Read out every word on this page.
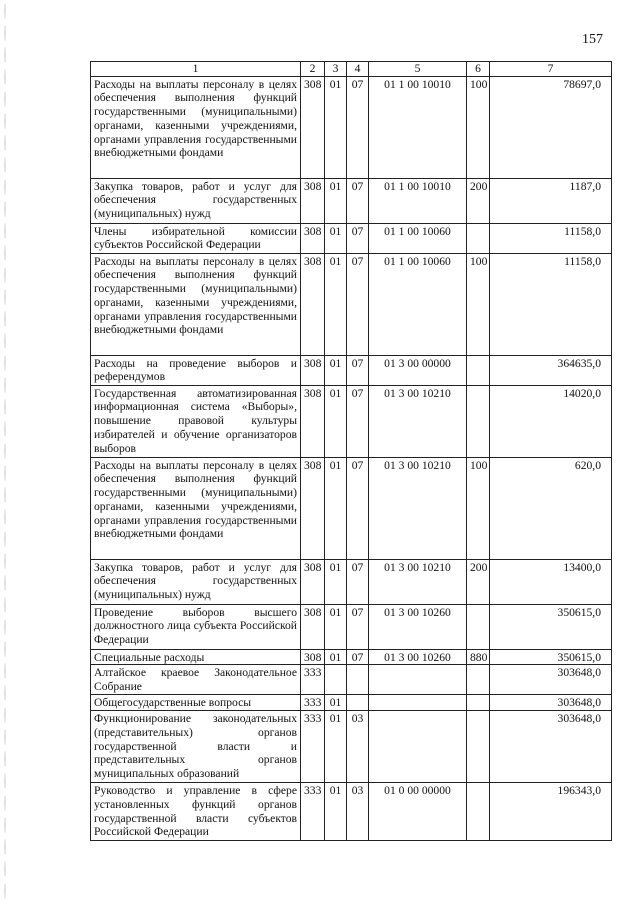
157
1	2	3	4	5	6	7
Расходы на выплаты персоналу в целях обеспечения выполнения функций государственными (муниципальными) органами, казенными учреждениями, органами управления государственными внебюджетными фондами	308	01	07	01 1 00 10010	100	78697,0
Закупка товаров, работ и услуг для обеспечения государственных (муниципальных) нужд	308	01	07	01 1 00 10010	200	1187,0
Члены избирательной комиссии субъектов Российской Федерации	308	01	07	01 1 00 10060		11158,0
Расходы на выплаты персоналу в целях обеспечения выполнения функций государственными (муниципальными) органами, казенными учреждениями, органами управления государственными внебюджетными фондами	308	01	07	01 1 00 10060	100	11158,0
Расходы на проведение выборов и референдумов	308	01	07	01 3 00 00000		364635,0
Государственная автоматизированная информационная система «Выборы», повышение правовой культуры избирателей и обучение организаторов выборов	308	01	07	01 3 00 10210		14020,0
Расходы на выплаты персоналу в целях обеспечения выполнения функций государственными (муниципальными) органами, казенными учреждениями, органами управления государственными внебюджетными фондами	308	01	07	01 3 00 10210	100	620,0
Закупка товаров, работ и услуг для обеспечения государственных (муниципальных) нужд	308	01	07	01 3 00 10210	200	13400,0
Проведение выборов высшего должностного лица субъекта Российской Федерации	308	01	07	01 3 00 10260		350615,0
Специальные расходы	308	01	07	01 3 00 10260	880	350615,0
Алтайское краевое Законодательное Собрание	333					303648,0
Общегосударственные вопросы	333	01				303648,0
Функционирование законодательных (представительных) органов государственной власти и представительных органов муниципальных образований	333	01	03			303648,0
Руководство и управление в сфере установленных функций органов государственной власти субъектов Российской Федерации	333	01	03	01 0 00 00000		196343,0
